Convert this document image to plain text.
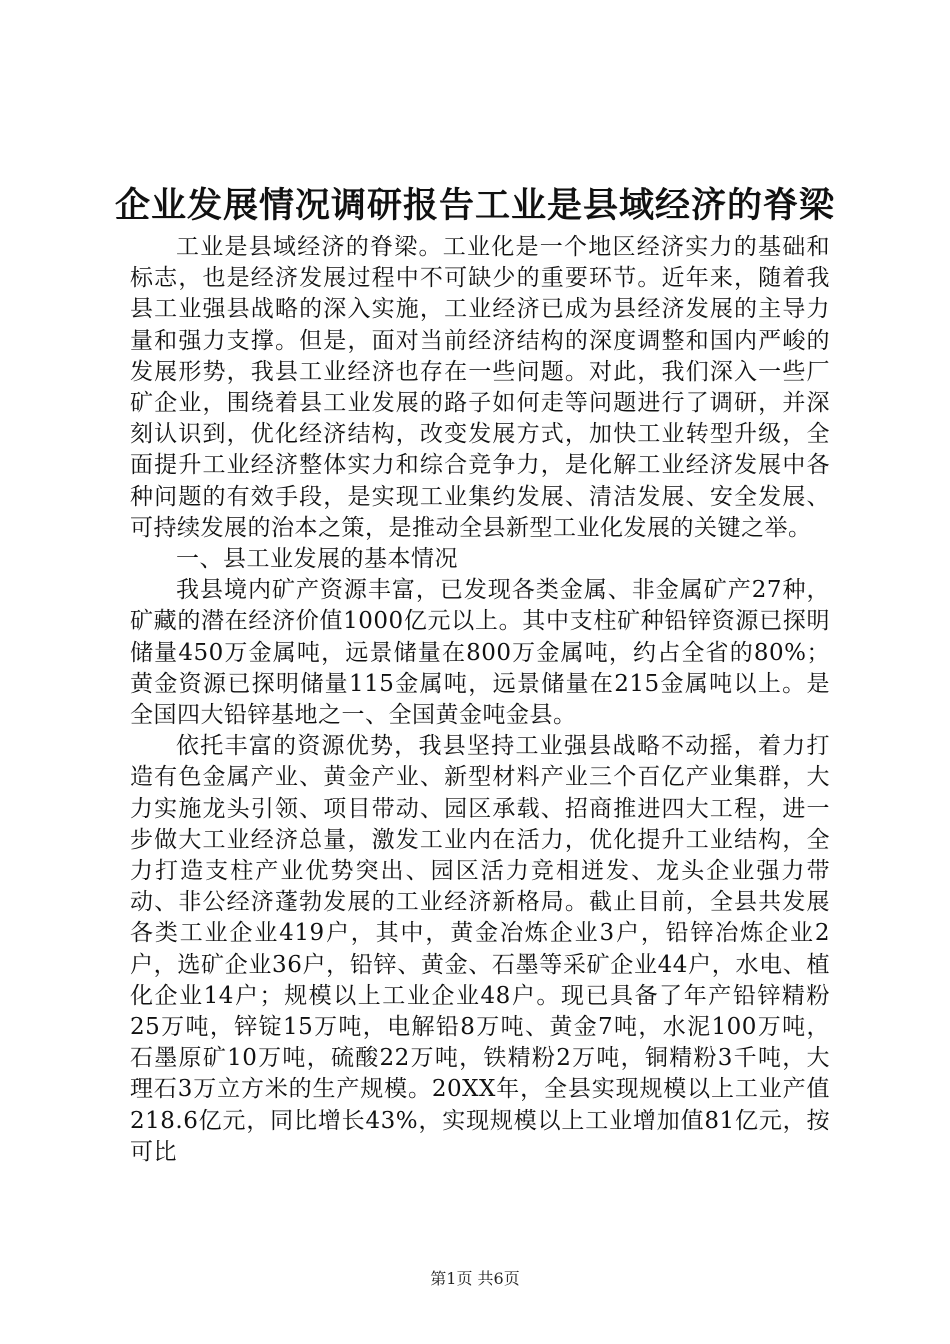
企业发展情况调研报告工业是县域经济的脊梁

工业是县域经济的脊梁。工业化是一个地区经济实力的基础和标志，也是经济发展过程中不可缺少的重要环节。近年来，随着我县工业强县战略的深入实施，工业经济已成为县经济发展的主导力量和强力支撑。但是，面对当前经济结构的深度调整和国内严峻的发展形势，我县工业经济也存在一些问题。对此，我们深入一些厂矿企业，围绕着县工业发展的路子如何走等问题进行了调研，并深刻认识到，优化经济结构，改变发展方式，加快工业转型升级，全面提升工业经济整体实力和综合竞争力，是化解工业经济发展中各种问题的有效手段，是实现工业集约发展、清洁发展、安全发展、可持续发展的治本之策，是推动全县新型工业化发展的关键之举。

一、县工业发展的基本情况

我县境内矿产资源丰富，已发现各类金属、非金属矿产27种，矿藏的潜在经济价值1000亿元以上。其中支柱矿种铅锌资源已探明储量450万金属吨，远景储量在800万金属吨，约占全省的80%；黄金资源已探明储量115金属吨，远景储量在215金属吨以上。是全国四大铅锌基地之一、全国黄金吨金县。

依托丰富的资源优势，我县坚持工业强县战略不动摇，着力打造有色金属产业、黄金产业、新型材料产业三个百亿产业集群，大力实施龙头引领、项目带动、园区承载、招商推进四大工程，进一步做大工业经济总量，激发工业内在活力，优化提升工业结构，全力打造支柱产业优势突出、园区活力竞相迸发、龙头企业强力带动、非公经济蓬勃发展的工业经济新格局。截止目前，全县共发展各类工业企业419户，其中，黄金冶炼企业3户，铅锌冶炼企业2户，选矿企业36户，铅锌、黄金、石墨等采矿企业44户，水电、植化企业14户；规模以上工业企业48户。现已具备了年产铅锌精粉25万吨，锌锭15万吨，电解铅8万吨、黄金7吨，水泥100万吨，石墨原矿10万吨，硫酸22万吨，铁精粉2万吨，铜精粉3千吨，大理石3万立方米的生产规模。20XX年，全县实现规模以上工业产值218.6亿元，同比增长43%，实现规模以上工业增加值81亿元，按可比

第1页 共6页
